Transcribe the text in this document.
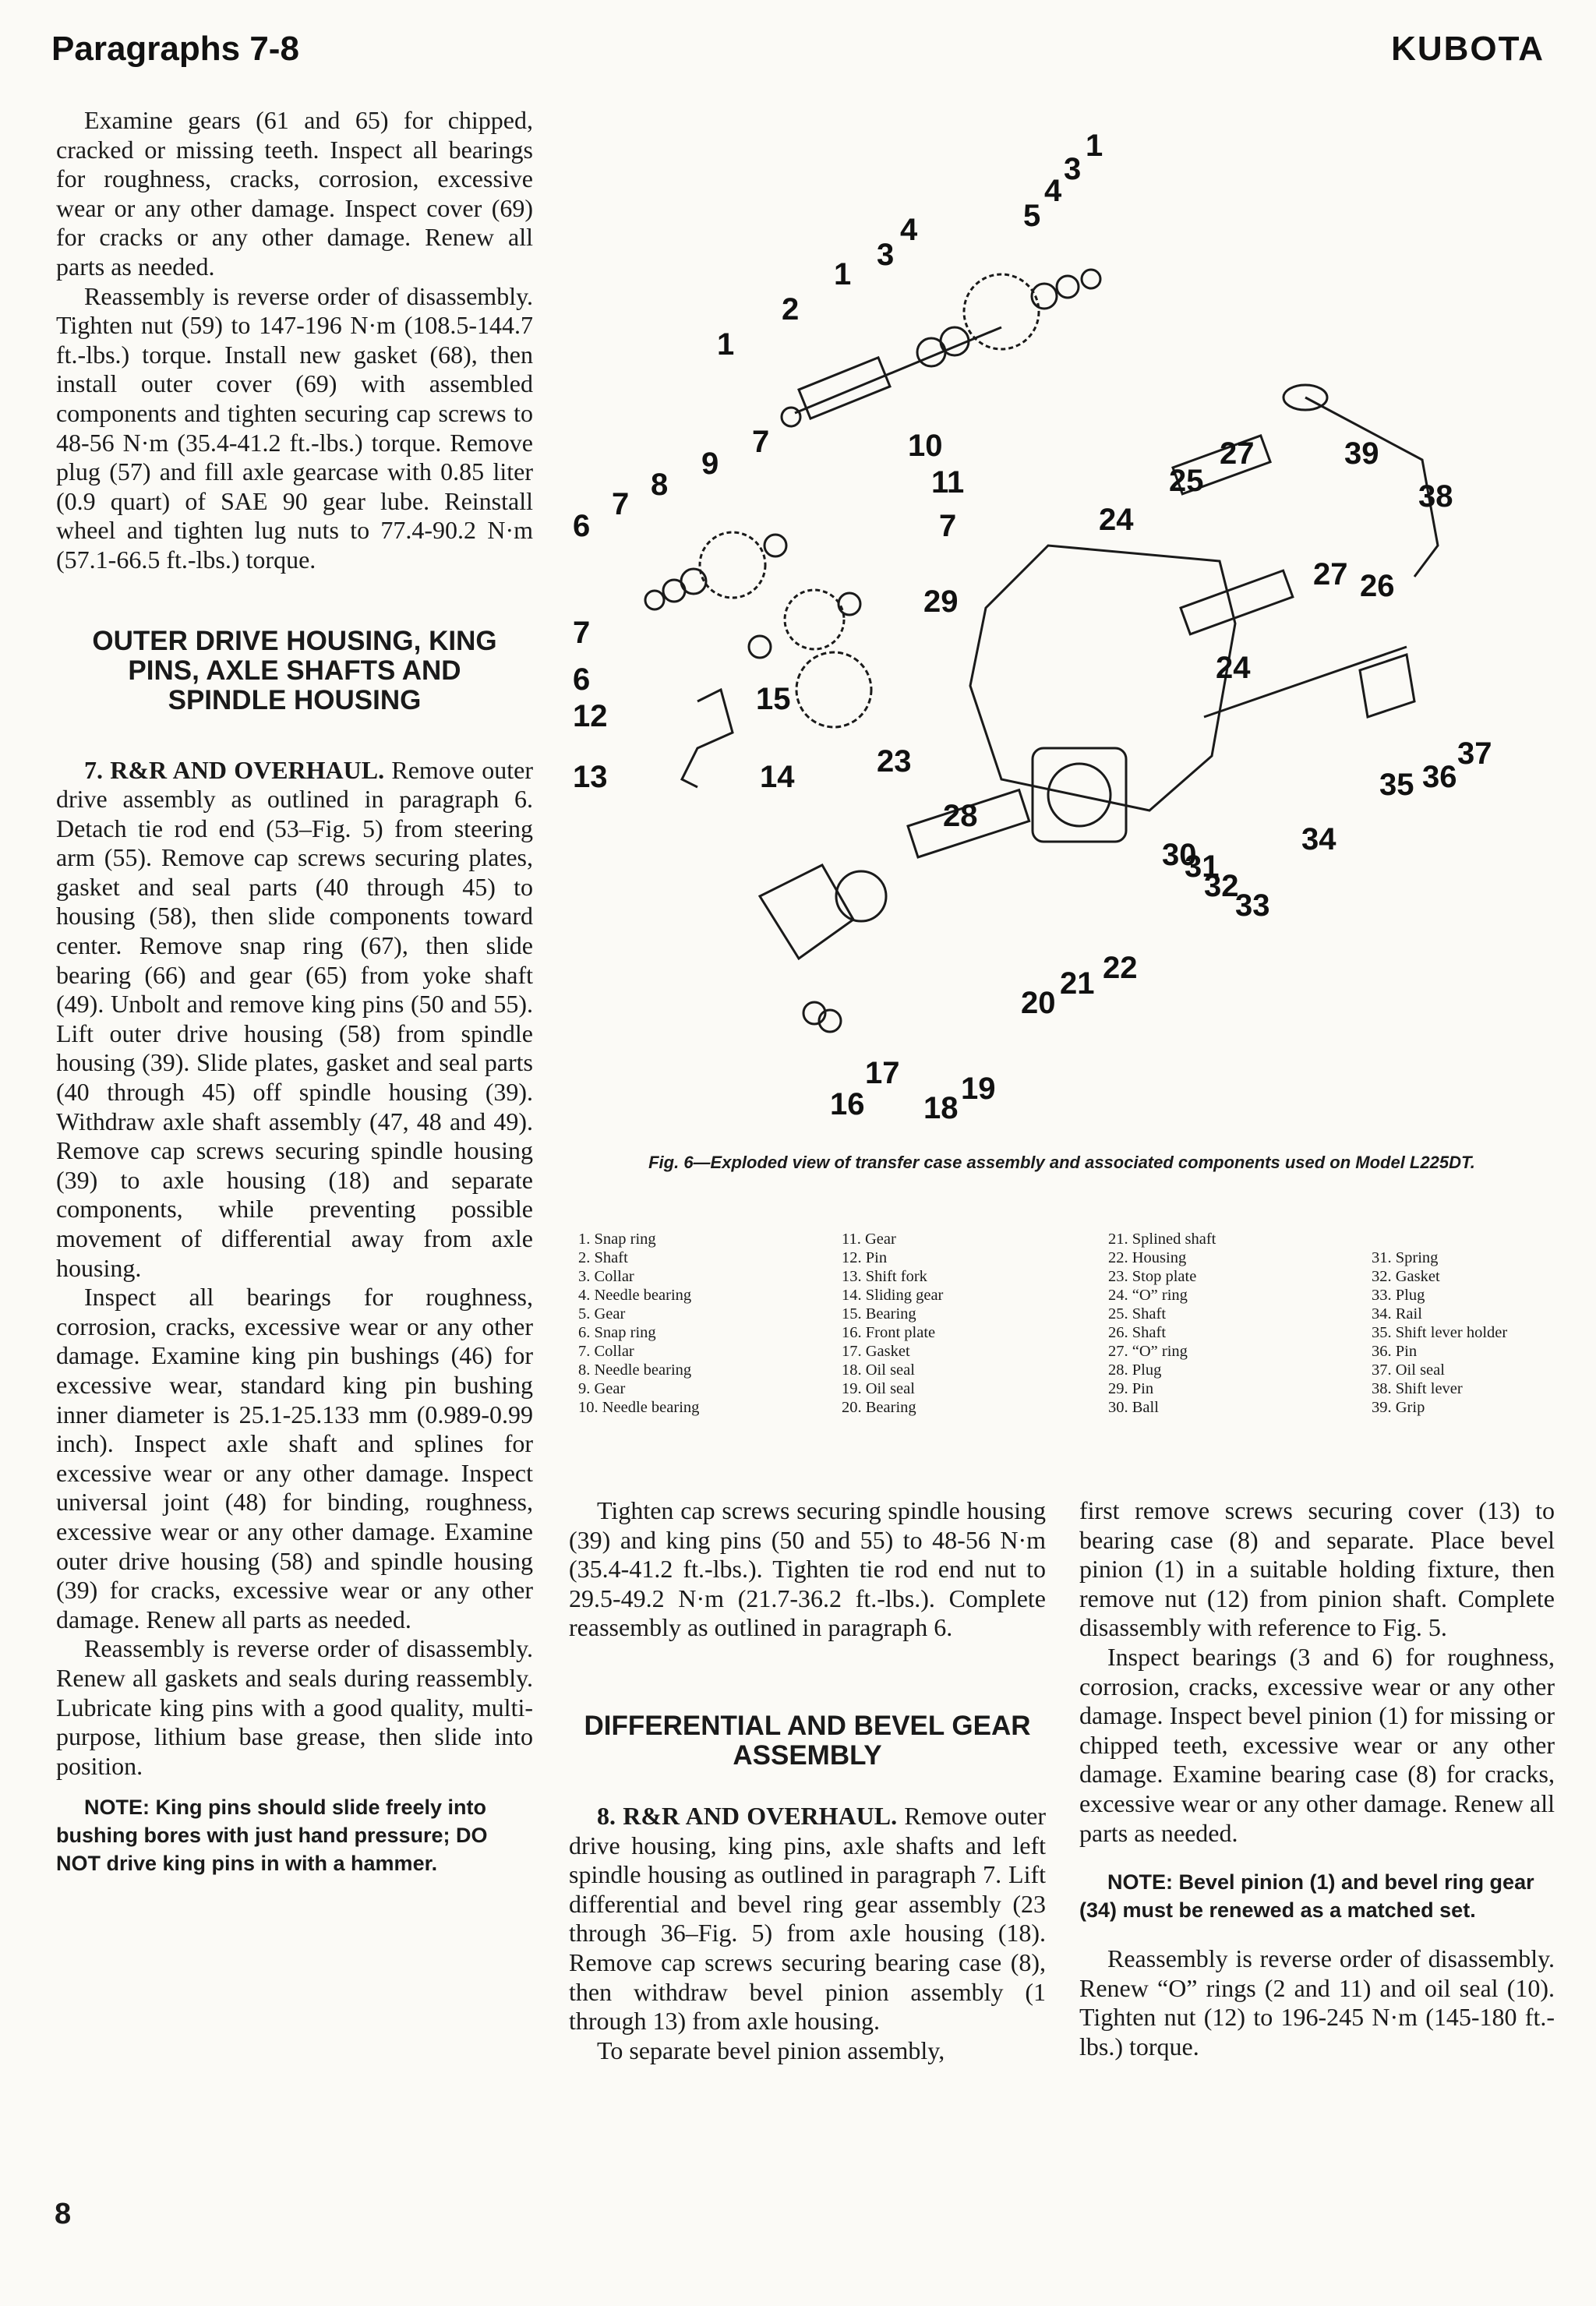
Paragraphs 7-8	KUBOTA

Examine gears (61 and 65) for chipped, cracked or missing teeth. Inspect all bearings for roughness, cracks, corrosion, excessive wear or any other damage. Inspect cover (69) for cracks or any other damage. Renew all parts as needed.

Reassembly is reverse order of disassembly. Tighten nut (59) to 147-196 N·m (108.5-144.7 ft.-lbs.) torque. Install new gasket (68), then install outer cover (69) with assembled components and tighten securing cap screws to 48-56 N·m (35.4-41.2 ft.-lbs.) torque. Remove plug (57) and fill axle gearcase with 0.85 liter (0.9 quart) of SAE 90 gear lube. Reinstall wheel and tighten lug nuts to 77.4-90.2 N·m (57.1-66.5 ft.-lbs.) torque.

OUTER DRIVE HOUSING, KING PINS, AXLE SHAFTS AND SPINDLE HOUSING

7. R&R AND OVERHAUL. Remove outer drive assembly as outlined in paragraph 6. Detach tie rod end (53–Fig. 5) from steering arm (55). Remove cap screws securing plates, gasket and seal parts (40 through 45) to housing (58), then slide components toward center. Remove snap ring (67), then slide bearing (66) and gear (65) from yoke shaft (49). Unbolt and remove king pins (50 and 55). Lift outer drive housing (58) from spindle housing (39). Slide plates, gasket and seal parts (40 through 45) off spindle housing (39). Withdraw axle shaft assembly (47, 48 and 49). Remove cap screws securing spindle housing (39) to axle housing (18) and separate components, while preventing possible movement of differential away from axle housing.

Inspect all bearings for roughness, corrosion, cracks, excessive wear or any other damage. Examine king pin bushings (46) for excessive wear, standard king pin bushing inner diameter is 25.1-25.133 mm (0.989-0.99 inch). Inspect axle shaft and splines for excessive wear or any other damage. Inspect universal joint (48) for binding, roughness, excessive wear or any other damage. Examine outer drive housing (58) and spindle housing (39) for cracks, excessive wear or any other damage. Renew all parts as needed.

Reassembly is reverse order of disassembly. Renew all gaskets and seals during reassembly. Lubricate king pins with a good quality, multi-purpose, lithium base grease, then slide into position.

NOTE: King pins should slide freely into bushing bores with just hand pressure; DO NOT drive king pins in with a hammer.

1
3
4
5
3
4
1
2
1
7	10
11
9
8
7
6
29
7
7
6
15
12
13	14	23
28
24
25
27	39
38
27 26
24
34
37
36
35
30
31
32
33
22
21
20
16
17
18
19
Fig. 6—Exploded view of transfer case assembly and associated components used on Model L225DT.
1. Snap ring
2. Shaft
3. Collar
4. Needle bearing
5. Gear
6. Snap ring
7. Collar
8. Needle bearing
9. Gear
10. Needle bearing
11. Gear
12. Pin
13. Shift fork
14. Sliding gear
15. Bearing
16. Front plate
17. Gasket
18. Oil seal
19. Oil seal
20. Bearing
21. Splined shaft
22. Housing
23. Stop plate
24. “O” ring
25. Shaft
26. Shaft
27. “O” ring
28. Plug
29. Pin
30. Ball
31. Spring
32. Gasket
33. Plug
34. Rail
35. Shift lever holder
36. Pin
37. Oil seal
38. Shift lever
39. Grip

Tighten cap screws securing spindle housing (39) and king pins (50 and 55) to 48-56 N·m (35.4-41.2 ft.-lbs.). Tighten tie rod end nut to 29.5-49.2 N·m (21.7-36.2 ft.-lbs.). Complete reassembly as outlined in paragraph 6.

DIFFERENTIAL AND BEVEL GEAR ASSEMBLY

8. R&R AND OVERHAUL. Remove outer drive housing, king pins, axle shafts and left spindle housing as outlined in paragraph 7. Lift differential and bevel ring gear assembly (23 through 36–Fig. 5) from axle housing (18). Remove cap screws securing bearing case (8), then withdraw bevel pinion assembly (1 through 13) from axle housing.

To separate bevel pinion assembly,

first remove screws securing cover (13) to bearing case (8) and separate. Place bevel pinion (1) in a suitable holding fixture, then remove nut (12) from pinion shaft. Complete disassembly with reference to Fig. 5.

Inspect bearings (3 and 6) for roughness, corrosion, cracks, excessive wear or any other damage. Inspect bevel pinion (1) for missing or chipped teeth, excessive wear or any other damage. Examine bearing case (8) for cracks, excessive wear or any other damage. Renew all parts as needed.

NOTE: Bevel pinion (1) and bevel ring gear (34) must be renewed as a matched set.

Reassembly is reverse order of disassembly. Renew “O” rings (2 and 11) and oil seal (10). Tighten nut (12) to 196-245 N·m (145-180 ft.-lbs.) torque.

8
